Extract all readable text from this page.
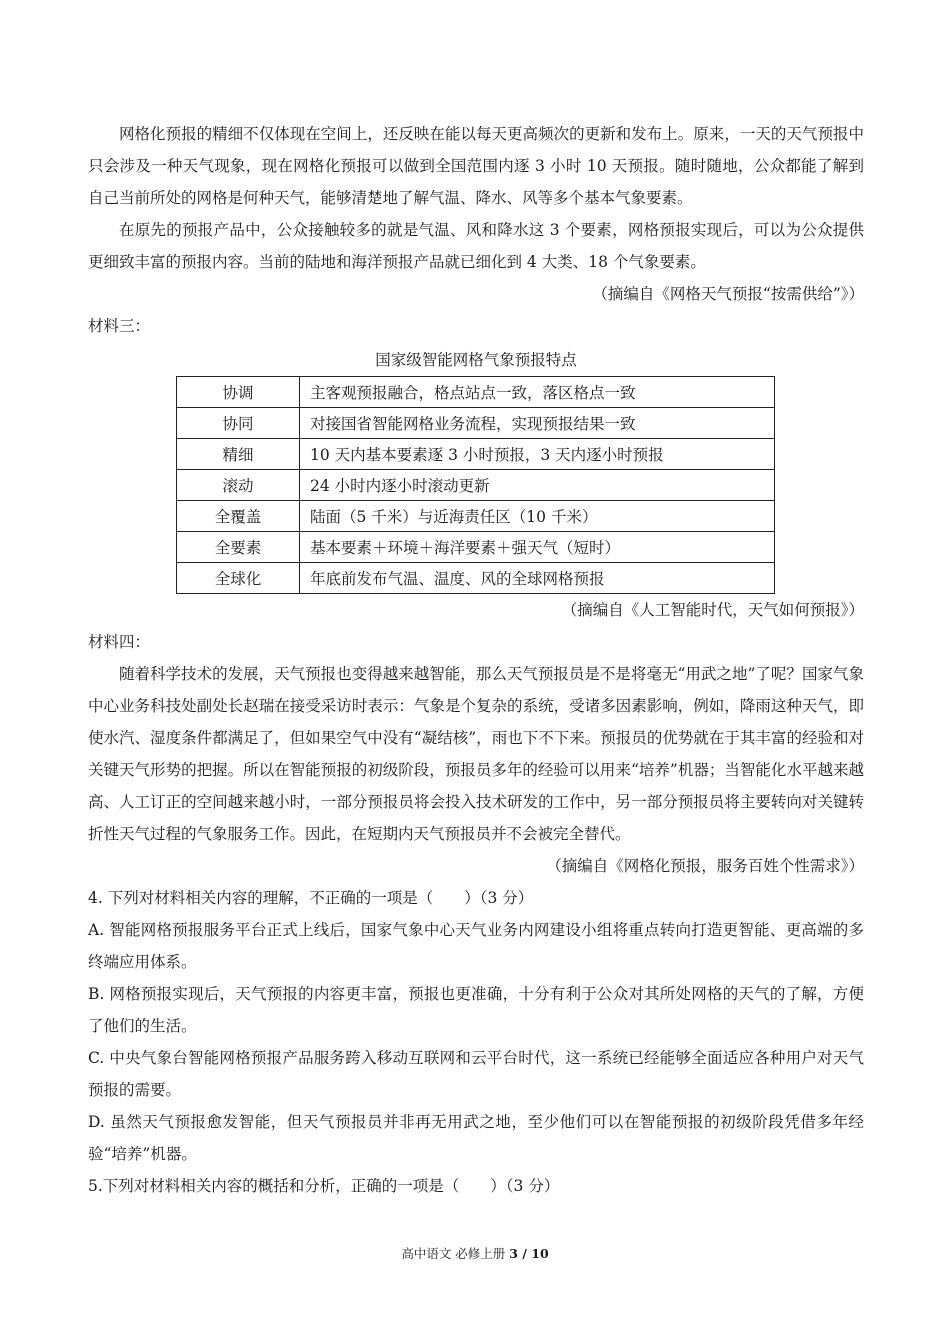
网格化预报的精细不仅体现在空间上，还反映在能以每天更高频次的更新和发布上。原来，一天的天气预报中只会涉及一种天气现象，现在网格化预报可以做到全国范围内逐 3 小时 10 天预报。随时随地，公众都能了解到自己当前所处的网格是何种天气，能够清楚地了解气温、降水、风等多个基本气象要素。

在原先的预报产品中，公众接触较多的就是气温、风和降水这 3 个要素，网格预报实现后，可以为公众提供更细致丰富的预报内容。当前的陆地和海洋预报产品就已细化到 4 大类、18 个气象要素。

（摘编自《网格天气预报“按需供给”》）

材料三：

国家级智能网格气象预报特点
协调	主客观预报融合，格点站点一致，落区格点一致
协同	对接国省智能网格业务流程，实现预报结果一致
精细	10 天内基本要素逐 3 小时预报，3 天内逐小时预报
滚动	24 小时内逐小时滚动更新
全覆盖	陆面（5 千米）与近海责任区（10 千米）
全要素	基本要素＋环境＋海洋要素＋强天气（短时）
全球化	年底前发布气温、温度、风的全球网格预报

（摘编自《人工智能时代，天气如何预报》）

材料四：

随着科学技术的发展，天气预报也变得越来越智能，那么天气预报员是不是将毫无“用武之地”了呢？国家气象中心业务科技处副处长赵瑞在接受采访时表示：气象是个复杂的系统，受诸多因素影响，例如，降雨这种天气，即使水汽、湿度条件都满足了，但如果空气中没有“凝结核”，雨也下不下来。预报员的优势就在于其丰富的经验和对关键天气形势的把握。所以在智能预报的初级阶段，预报员多年的经验可以用来“培养”机器；当智能化水平越来越高、人工订正的空间越来越小时，一部分预报员将会投入技术研发的工作中，另一部分预报员将主要转向对关键转折性天气过程的气象服务工作。因此，在短期内天气预报员并不会被完全替代。

（摘编自《网格化预报，服务百姓个性需求》）

4. 下列对材料相关内容的理解，不正确的一项是（　　）（3 分）

A. 智能网格预报服务平台正式上线后，国家气象中心天气业务内网建设小组将重点转向打造更智能、更高端的多终端应用体系。

B. 网格预报实现后，天气预报的内容更丰富，预报也更准确，十分有利于公众对其所处网格的天气的了解，方便了他们的生活。

C. 中央气象台智能网格预报产品服务跨入移动互联网和云平台时代，这一系统已经能够全面适应各种用户对天气预报的需要。

D. 虽然天气预报愈发智能，但天气预报员并非再无用武之地，至少他们可以在智能预报的初级阶段凭借多年经验“培养”机器。

5.下列对材料相关内容的概括和分析，正确的一项是（　　）（3 分）

高中语文 必修上册 3 / 10
